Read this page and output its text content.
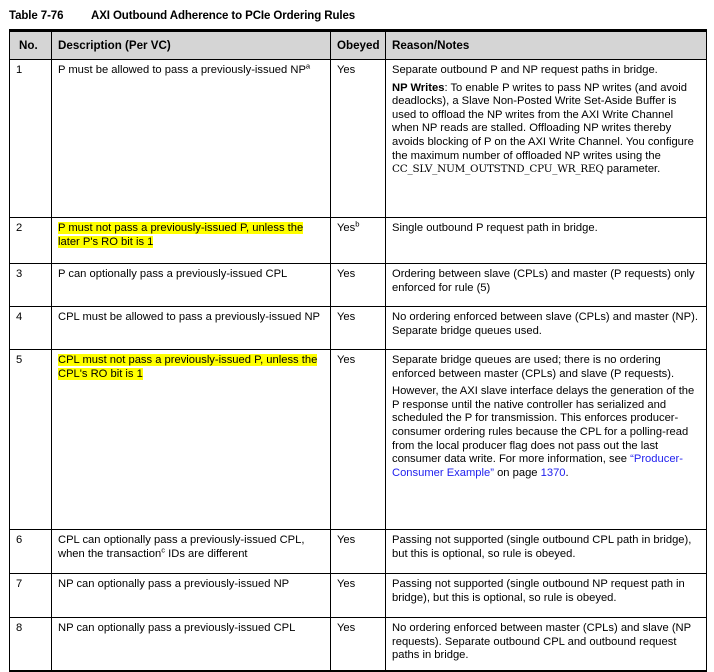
Table 7-76	AXI Outbound Adherence to PCIe Ordering Rules
No.	Description (Per VC)	Obeyed	Reason/Notes
1	P must be allowed to pass a previously-issued $NP^a$	Yes	Separate outbound P and NP request paths in bridge.

NP Writes: To enable P writes to pass NP writes (and avoid deadlocks), a Slave Non-Posted Write Set-Aside Buffer is used to offload the NP writes from the AXI Write Channel when NP reads are stalled. Offloading NP writes thereby avoids blocking of P on the AXI Write Channel. You configure the maximum number of offloaded NP writes using the CC_SLV_NUM_OUTSTND_CPU_WR_REQ parameter.

2	P must not pass a previously-issued P, unless the later P's RO bit is 1	Yes$^b$	Single outbound P request path in bridge.

3	P can optionally pass a previously-issued CPL	Yes	Ordering between slave (CPLs) and master (P requests) only enforced for rule (5)

4	CPL must be allowed to pass a previously-issued NP	Yes	No ordering enforced between slave (CPLs) and master (NP). Separate bridge queues used.

5	CPL must not pass a previously-issued P, unless the CPL's RO bit is 1	Yes	Separate bridge queues are used; there is no ordering enforced between master (CPLs) and slave (P requests).

However, the AXI slave interface delays the generation of the P response until the native controller has serialized and scheduled the P for transmission. This enforces producer-consumer ordering rules because the CPL for a polling-read from the local producer flag does not pass out the last consumer data write. For more information, see “Producer-Consumer Example” on page 1370.

6	CPL can optionally pass a previously-issued CPL, when the transaction$^c$ IDs are different	Yes	Passing not supported (single outbound CPL path in bridge), but this is optional, so rule is obeyed.

7	NP can optionally pass a previously-issued NP	Yes	Passing not supported (single outbound NP request path in bridge), but this is optional, so rule is obeyed.

8	NP can optionally pass a previously-issued CPL	Yes	No ordering enforced between master (CPLs) and slave (NP requests). Separate outbound CPL and outbound request paths in bridge.
